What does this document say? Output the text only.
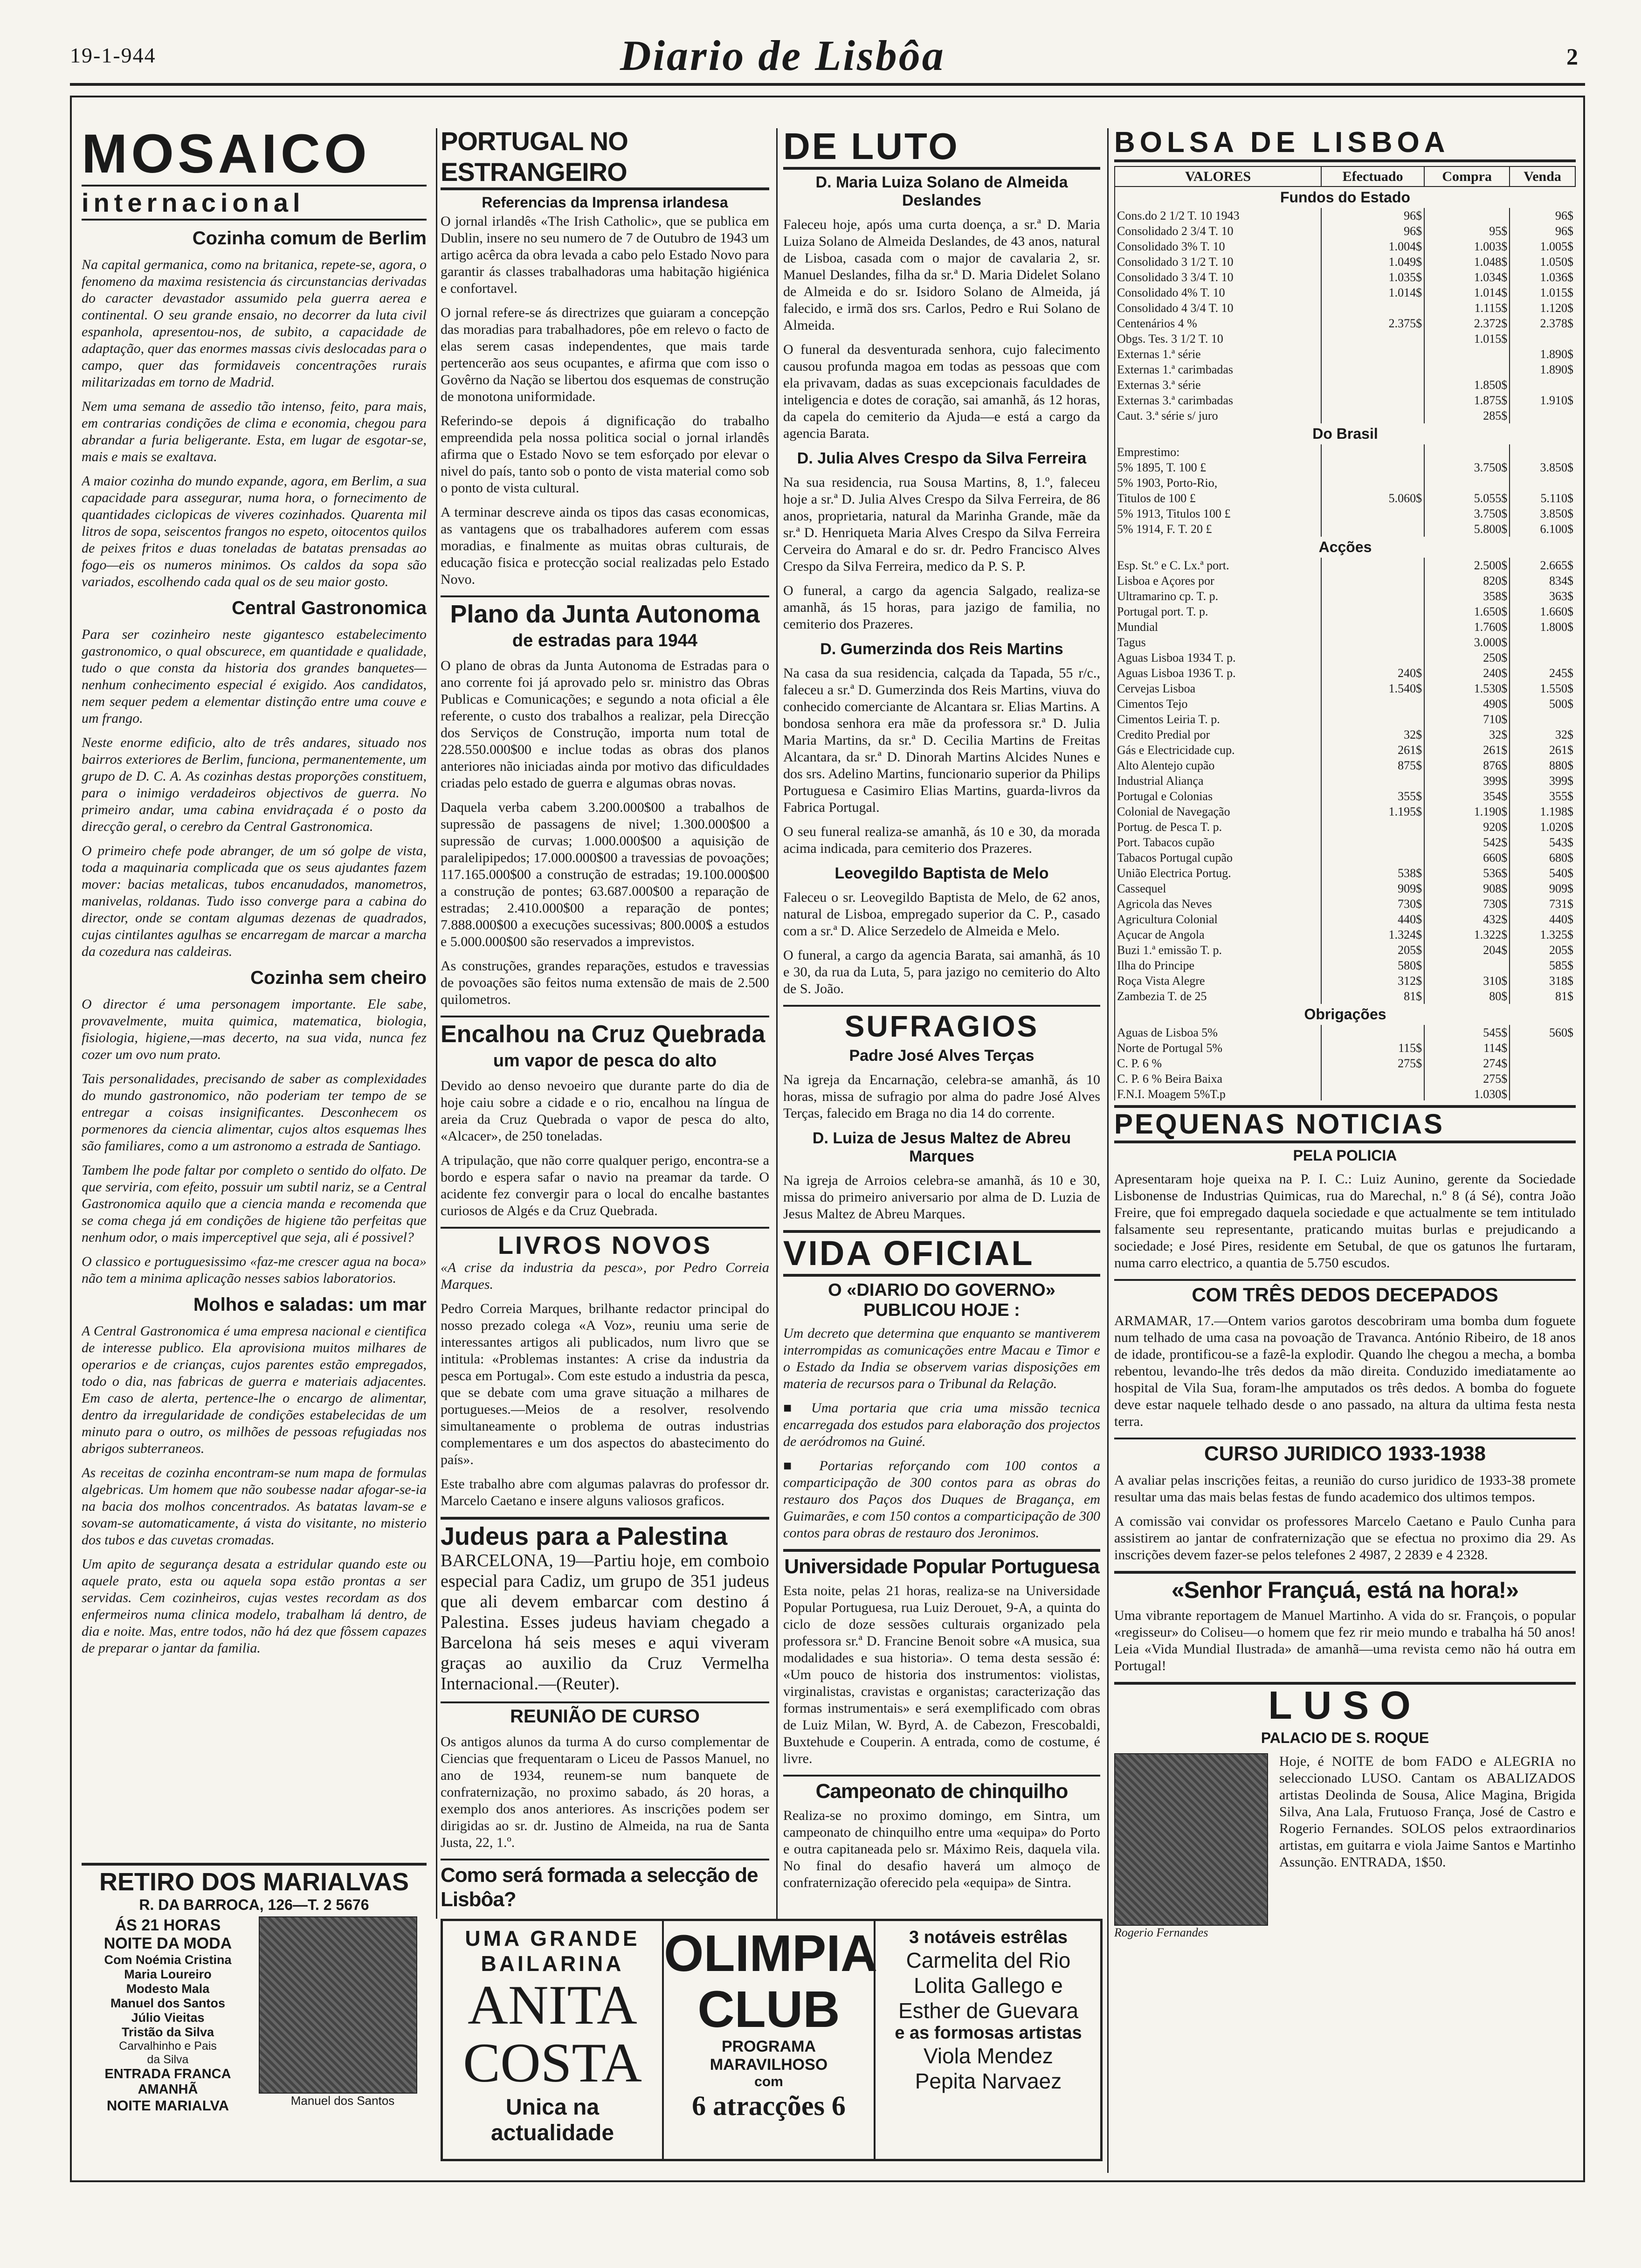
19-1-944	Diario de Lisbôa	2
MOSAICO
internacional
Cozinha comum de Berlim

Na capital germanica, como na britanica, repete-se, agora, o fenomeno da maxima resistencia ás circunstancias derivadas do caracter devastador assumido pela guerra aerea e continental. O seu grande ensaio, no decorrer da luta civil espanhola, apresentou-nos, de subito, a capacidade de adaptação, quer das enormes massas civis deslocadas para o campo, quer das formidaveis concentrações rurais militarizadas em torno de Madrid.

Nem uma semana de assedio tão intenso, feito, para mais, em contrarias condições de clima e economia, chegou para abrandar a furia beligerante. Esta, em lugar de esgotar-se, mais e mais se exaltava.

A maior cozinha do mundo expande, agora, em Berlim, a sua capacidade para assegurar, numa hora, o fornecimento de quantidades ciclopicas de viveres cozinhados. Quarenta mil litros de sopa, seiscentos frangos no espeto, oitocentos quilos de peixes fritos e duas toneladas de batatas prensadas ao fogo—eis os numeros minimos. Os caldos da sopa são variados, escolhendo cada qual os de seu maior gosto.

Central Gastronomica

Para ser cozinheiro neste gigantesco estabelecimento gastronomico, o qual obscurece, em quantidade e qualidade, tudo o que consta da historia dos grandes banquetes—nenhum conhecimento especial é exigido. Aos candidatos, nem sequer pedem a elementar distinção entre uma couve e um frango.

Neste enorme edificio, alto de três andares, situado nos bairros exteriores de Berlim, funciona, permanentemente, um grupo de D. C. A. As cozinhas destas proporções constituem, para o inimigo verdadeiros objectivos de guerra. No primeiro andar, uma cabina envidraçada é o posto da direcção geral, o cerebro da Central Gastronomica.

O primeiro chefe pode abranger, de um só golpe de vista, toda a maquinaria complicada que os seus ajudantes fazem mover: bacias metalicas, tubos encanudados, manometros, manivelas, roldanas. Tudo isso converge para a cabina do director, onde se contam algumas dezenas de quadrados, cujas cintilantes agulhas se encarregam de marcar a marcha da cozedura nas caldeiras.

Cozinha sem cheiro

O director é uma personagem importante. Ele sabe, provavelmente, muita quimica, matematica, biologia, fisiologia, higiene,—mas decerto, na sua vida, nunca fez cozer um ovo num prato.

Tais personalidades, precisando de saber as complexidades do mundo gastronomico, não poderiam ter tempo de se entregar a coisas insignificantes. Desconhecem os pormenores da ciencia alimentar, cujos altos esquemas lhes são familiares, como a um astronomo a estrada de Santiago.

Tambem lhe pode faltar por completo o sentido do olfato. De que serviria, com efeito, possuir um subtil nariz, se a Central Gastronomica aquilo que a ciencia manda e recomenda que se coma chega já em condições de higiene tão perfeitas que nenhum odor, o mais imperceptivel que seja, ali é possivel?

O classico e portuguesissimo «faz-me crescer agua na boca» não tem a minima aplicação nesses sabios laboratorios.

Molhos e saladas: um mar

A Central Gastronomica é uma empresa nacional e cientifica de interesse publico. Ela aprovisiona muitos milhares de operarios e de crianças, cujos parentes estão empregados, todo o dia, nas fabricas de guerra e materiais adjacentes. Em caso de alerta, pertence-lhe o encargo de alimentar, dentro da irregularidade de condições estabelecidas de um minuto para o outro, os milhões de pessoas refugiadas nos abrigos subterraneos.

As receitas de cozinha encontram-se num mapa de formulas algebricas. Um homem que não soubesse nadar afogar-se-ia na bacia dos molhos concentrados. As batatas lavam-se e sovam-se automaticamente, á vista do visitante, no misterio dos tubos e das cuvetas cromadas.

Um apito de segurança desata a estridular quando este ou aquele prato, esta ou aquela sopa estão prontas a ser servidas. Cem cozinheiros, cujas vestes recordam as dos enfermeiros numa clinica modelo, trabalham lá dentro, de dia e noite. Mas, entre todos, não há dez que fôssem capazes de preparar o jantar da familia.

RETIRO DOS MARIALVAS
R. DA BARROCA, 126—T. 2 5676
ÁS 21 HORAS
NOITE DA MODA
Com Noémia Cristina
Maria Loureiro
Modesto Mala
Manuel dos Santos
Júlio Vieitas
Tristão da Silva
Carvalhinho e Pais
da Silva
ENTRADA FRANCA
AMANHÃ
NOITE MARIALVA	Manuel dos Santos
PORTUGAL NO ESTRANGEIRO
Referencias da Imprensa irlandesa

O jornal irlandês «The Irish Catholic», que se publica em Dublin, insere no seu numero de 7 de Outubro de 1943 um artigo acêrca da obra levada a cabo pelo Estado Novo para garantir ás classes trabalhadoras uma habitação higiénica e confortavel.

O jornal refere-se ás directrizes que guiaram a concepção das moradias para trabalhadores, pôe em relevo o facto de elas serem casas independentes, que mais tarde pertencerão aos seus ocupantes, e afirma que com isso o Govêrno da Nação se libertou dos esquemas de construção de monotona uniformidade.

Referindo-se depois á dignificação do trabalho empreendida pela nossa politica social o jornal irlandês afirma que o Estado Novo se tem esforçado por elevar o nivel do país, tanto sob o ponto de vista material como sob o ponto de vista cultural.

A terminar descreve ainda os tipos das casas economicas, as vantagens que os trabalhadores auferem com essas moradias, e finalmente as muitas obras culturais, de educação fisica e protecção social realizadas pelo Estado Novo.

Plano da Junta Autonoma
de estradas para 1944

O plano de obras da Junta Autonoma de Estradas para o ano corrente foi já aprovado pelo sr. ministro das Obras Publicas e Comunicações; e segundo a nota oficial a êle referente, o custo dos trabalhos a realizar, pela Direcção dos Serviços de Construção, importa num total de 228.550.000$00 e inclue todas as obras dos planos anteriores não iniciadas ainda por motivo das dificuldades criadas pelo estado de guerra e algumas obras novas.

Daquela verba cabem 3.200.000$00 a trabalhos de supressão de passagens de nivel; 1.300.000$00 a supressão de curvas; 1.000.000$00 a aquisição de paralelipipedos; 17.000.000$00 a travessias de povoações; 117.165.000$00 a construção de estradas; 19.100.000$00 a construção de pontes; 63.687.000$00 a reparação de estradas; 2.410.000$00 a reparação de pontes; 7.888.000$00 a execuções sucessivas; 800.000$ a estudos e 5.000.000$00 são reservados a imprevistos.

As construções, grandes reparações, estudos e travessias de povoações são feitos numa extensão de mais de 2.500 quilometros.

Encalhou na Cruz Quebrada
um vapor de pesca do alto

Devido ao denso nevoeiro que durante parte do dia de hoje caiu sobre a cidade e o rio, encalhou na língua de areia da Cruz Quebrada o vapor de pesca do alto, «Alcacer», de 250 toneladas.

A tripulação, que não corre qualquer perigo, encontra-se a bordo e espera safar o navio na preamar da tarde. O acidente fez convergir para o local do encalhe bastantes curiosos de Algés e da Cruz Quebrada.

LIVROS NOVOS

«A crise da industria da pesca», por Pedro Correia Marques.

Pedro Correia Marques, brilhante redactor principal do nosso prezado colega «A Voz», reuniu uma serie de interessantes artigos ali publicados, num livro que se intitula: «Problemas instantes: A crise da industria da pesca em Portugal». Com este estudo a industria da pesca, que se debate com uma grave situação a milhares de portugueses.—Meios de a resolver, resolvendo simultaneamente o problema de outras industrias complementares e um dos aspectos do abastecimento do país».

Este trabalho abre com algumas palavras do professor dr. Marcelo Caetano e insere alguns valiosos graficos.

Judeus para a Palestina

BARCELONA, 19—Partiu hoje, em comboio especial para Cadiz, um grupo de 351 judeus que ali devem embarcar com destino á Palestina. Esses judeus haviam chegado a Barcelona há seis meses e aqui viveram graças ao auxilio da Cruz Vermelha Internacional.—(Reuter).

REUNIÃO DE CURSO

Os antigos alunos da turma A do curso complementar de Ciencias que frequentaram o Liceu de Passos Manuel, no ano de 1934, reunem-se num banquete de confraternização, no proximo sabado, ás 20 horas, a exemplo dos anos anteriores. As inscrições podem ser dirigidas ao sr. dr. Justino de Almeida, na rua de Santa Justa, 22, 1.º.

Como será formada a selecção de Lisbôa?

DE LUTO
D. Maria Luiza Solano de Almeida Deslandes

Faleceu hoje, após uma curta doença, a sr.ª D. Maria Luiza Solano de Almeida Deslandes, de 43 anos, natural de Lisboa, casada com o major de cavalaria 2, sr. Manuel Deslandes, filha da sr.ª D. Maria Didelet Solano de Almeida e do sr. Isidoro Solano de Almeida, já falecido, e irmã dos srs. Carlos, Pedro e Rui Solano de Almeida.

O funeral da desventurada senhora, cujo falecimento causou profunda magoa em todas as pessoas que com ela privavam, dadas as suas excepcionais faculdades de inteligencia e dotes de coração, sai amanhã, ás 12 horas, da capela do cemiterio da Ajuda—e está a cargo da agencia Barata.

D. Julia Alves Crespo da Silva Ferreira

Na sua residencia, rua Sousa Martins, 8, 1.º, faleceu hoje a sr.ª D. Julia Alves Crespo da Silva Ferreira, de 86 anos, proprietaria, natural da Marinha Grande, mãe da sr.ª D. Henriqueta Maria Alves Crespo da Silva Ferreira Cerveira do Amaral e do sr. dr. Pedro Francisco Alves Crespo da Silva Ferreira, medico da P. S. P.

O funeral, a cargo da agencia Salgado, realiza-se amanhã, ás 15 horas, para jazigo de familia, no cemiterio dos Prazeres.

D. Gumerzinda dos Reis Martins

Na casa da sua residencia, calçada da Tapada, 55 r/c., faleceu a sr.ª D. Gumerzinda dos Reis Martins, viuva do conhecido comerciante de Alcantara sr. Elias Martins. A bondosa senhora era mãe da professora sr.ª D. Julia Maria Martins, da sr.ª D. Cecilia Martins de Freitas Alcantara, da sr.ª D. Dinorah Martins Alcides Nunes e dos srs. Adelino Martins, funcionario superior da Philips Portuguesa e Casimiro Elias Martins, guarda-livros da Fabrica Portugal.

O seu funeral realiza-se amanhã, ás 10 e 30, da morada acima indicada, para cemiterio dos Prazeres.

Leovegildo Baptista de Melo

Faleceu o sr. Leovegildo Baptista de Melo, de 62 anos, natural de Lisboa, empregado superior da C. P., casado com a sr.ª D. Alice Serzedelo de Almeida e Melo.

O funeral, a cargo da agencia Barata, sai amanhã, ás 10 e 30, da rua da Luta, 5, para jazigo no cemiterio do Alto de S. João.

SUFRAGIOS
Padre José Alves Terças

Na igreja da Encarnação, celebra-se amanhã, ás 10 horas, missa de sufragio por alma do padre José Alves Terças, falecido em Braga no dia 14 do corrente.

D. Luiza de Jesus Maltez de Abreu Marques

Na igreja de Arroios celebra-se amanhã, ás 10 e 30, missa do primeiro aniversario por alma de D. Luzia de Jesus Maltez de Abreu Marques.

VIDA OFICIAL
O «DIARIO DO GOVERNO»
PUBLICOU HOJE :

Um decreto que determina que enquanto se mantiverem interrompidas as comunicações entre Macau e Timor e o Estado da India se observem varias disposições em materia de recursos para o Tribunal da Relação.

■ Uma portaria que cria uma missão tecnica encarregada dos estudos para elaboração dos projectos de aeródromos na Guiné.

■ Portarias reforçando com 100 contos a comparticipação de 300 contos para as obras do restauro dos Paços dos Duques de Bragança, em Guimarães, e com 150 contos a comparticipação de 300 contos para obras de restauro dos Jeronimos.

Universidade Popular Portuguesa

Esta noite, pelas 21 horas, realiza-se na Universidade Popular Portuguesa, rua Luiz Derouet, 9-A, a quinta do ciclo de doze sessões culturais organizado pela professora sr.ª D. Francine Benoit sobre «A musica, sua modalidades e sua historia». O tema desta sessão é: «Um pouco de historia dos instrumentos: violistas, virginalistas, cravistas e organistas; caracterização das formas instrumentais» e será exemplificado com obras de Luiz Milan, W. Byrd, A. de Cabezon, Frescobaldi, Buxtehude e Couperin. A entrada, como de costume, é livre.

Campeonato de chinquilho

Realiza-se no proximo domingo, em Sintra, um campeonato de chinquilho entre uma «equipa» do Porto e outra capitaneada pelo sr. Máximo Reis, daquela vila. No final do desafio haverá um almoço de confraternização oferecido pela «equipa» de Sintra.

BOLSA DE LISBOA
VALORES	Efectuado	Compra	Venda
Fundos do Estado			
Cons.do 2 1/2 T. 10 1943	96$		96$
Consolidado 2 3/4 T. 10	96$	95$	96$
Consolidado 3% T. 10	1.004$	1.003$	1.005$
Consolidado 3 1/2 T. 10	1.049$	1.048$	1.050$
Consolidado 3 3/4 T. 10	1.035$	1.034$	1.036$
Consolidado 4% T. 10	1.014$	1.014$	1.015$
Consolidado 4 3/4 T. 10		1.115$	1.120$
Centenários 4 %	2.375$	2.372$	2.378$
Obgs. Tes. 3 1/2 T. 10		1.015$	
Externas 1.ª série			1.890$
Externas 1.ª carimbadas			1.890$
Externas 3.ª série		1.850$	
Externas 3.ª carimbadas		1.875$	1.910$
Caut. 3.ª série s/ juro		285$	
Do Brasil			
Emprestimo:			
5% 1895, T. 100 £		3.750$	3.850$
5% 1903, Porto-Rio,			
Titulos de 100 £	5.060$	5.055$	5.110$
5% 1913, Titulos 100 £		3.750$	3.850$
5% 1914, F. T. 20 £		5.800$	6.100$
Acções			
Esp. St.º e C. Lx.ª port.		2.500$	2.665$
Lisboa e Açores por		820$	834$
Ultramarino cp. T. p.		358$	363$
Portugal port. T. p.		1.650$	1.660$
Mundial		1.760$	1.800$
Tagus		3.000$	
Aguas Lisboa 1934 T. p.		250$	
Aguas Lisboa 1936 T. p.	240$	240$	245$
Cervejas Lisboa	1.540$	1.530$	1.550$
Cimentos Tejo		490$	500$
Cimentos Leiria T. p.		710$	
Credito Predial por	32$	32$	32$
Gás e Electricidade cup.	261$	261$	261$
Alto Alentejo cupão	875$	876$	880$
Industrial Aliança		399$	399$
Portugal e Colonias	355$	354$	355$
Colonial de Navegação	1.195$	1.190$	1.198$
Portug. de Pesca T. p.		920$	1.020$
Port. Tabacos cupão		542$	543$
Tabacos Portugal cupão		660$	680$
União Electrica Portug.	538$	536$	540$
Cassequel	909$	908$	909$
Agricola das Neves	730$	730$	731$
Agricultura Colonial	440$	432$	440$
Açucar de Angola	1.324$	1.322$	1.325$
Buzi 1.ª emissão T. p.	205$	204$	205$
Ilha do Principe	580$		585$
Roça Vista Alegre	312$	310$	318$
Zambezia T. de 25	81$	80$	81$
Obrigações			
Aguas de Lisboa 5%		545$	560$
Norte de Portugal 5%	115$	114$	
C. P. 6 %	275$	274$	
C. P. 6 % Beira Baixa		275$	
F.N.I. Moagem 5%T.p		1.030$	

PEQUENAS NOTICIAS
PELA POLICIA

Apresentaram hoje queixa na P. I. C.: Luiz Aunino, gerente da Sociedade Lisbonense de Industrias Quimicas, rua do Marechal, n.º 8 (á Sé), contra João Freire, que foi empregado daquela sociedade e que actualmente se tem intitulado falsamente seu representante, praticando muitas burlas e prejudicando a sociedade; e José Pires, residente em Setubal, de que os gatunos lhe furtaram, numa carro electrico, a quantia de 5.750 escudos.

COM TRÊS DEDOS DECEPADOS

ARMAMAR, 17.—Ontem varios garotos descobriram uma bomba dum foguete num telhado de uma casa na povoação de Travanca. António Ribeiro, de 18 anos de idade, prontificou-se a fazê-la explodir. Quando lhe chegou a mecha, a bomba rebentou, levando-lhe três dedos da mão direita. Conduzido imediatamente ao hospital de Vila Sua, foram-lhe amputados os três dedos. A bomba do foguete deve estar naquele telhado desde o ano passado, na altura da ultima festa nesta terra.

CURSO JURIDICO 1933-1938

A avaliar pelas inscrições feitas, a reunião do curso juridico de 1933-38 promete resultar uma das mais belas festas de fundo academico dos ultimos tempos.

A comissão vai convidar os professores Marcelo Caetano e Paulo Cunha para assistirem ao jantar de confraternização que se efectua no proximo dia 29. As inscrições devem fazer-se pelos telefones 2 4987, 2 2839 e 4 2328.

«Senhor Françuá, está na hora!»

Uma vibrante reportagem de Manuel Martinho. A vida do sr. François, o popular «regisseur» do Coliseu—o homem que fez rir meio mundo e trabalha há 50 anos! Leia «Vida Mundial Ilustrada» de amanhã—uma revista cemo não há outra em Portugal!

LUSO
PALACIO DE S. ROQUE
Rogerio Fernandes

Hoje, é NOITE de bom FADO e ALEGRIA no seleccionado LUSO. Cantam os ABALIZADOS artistas Deolinda de Sousa, Alice Magina, Brigida Silva, Ana Lala, Frutuoso França, José de Castro e Rogerio Fernandes. SOLOS pelos extraordinarios artistas, em guitarra e viola Jaime Santos e Martinho Assunção. ENTRADA, 1$50.

UMA GRANDE
BAILARINA
ANITA
COSTA
Unica na actualidade
OLIMPIA
CLUB
PROGRAMA MARAVILHOSO
com
6 atracções 6
3 notáveis estrêlas
Carmelita del Rio
Lolita Gallego e
Esther de Guevara
e as formosas artistas
Viola Mendez
Pepita Narvaez
